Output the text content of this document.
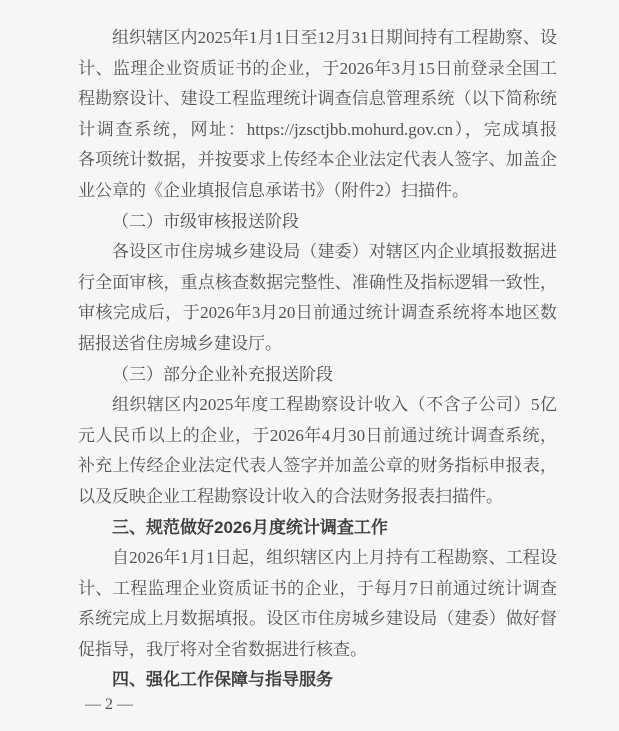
组织辖区内2025年1月1日至12月31日期间持有工程勘察、设
计、监理企业资质证书的企业，于2026年3月15日前登录全国工
程勘察设计、建设工程监理统计调查信息管理系统（以下简称统
计调查系统，网址：https://jzsctjbb.mohurd.gov.cn），完成填报
各项统计数据，并按要求上传经本企业法定代表人签字、加盖企
业公章的《企业填报信息承诺书》（附件2）扫描件。
（二）市级审核报送阶段
各设区市住房城乡建设局（建委）对辖区内企业填报数据进
行全面审核，重点核查数据完整性、准确性及指标逻辑一致性，
审核完成后，于2026年3月20日前通过统计调查系统将本地区数
据报送省住房城乡建设厅。
（三）部分企业补充报送阶段
组织辖区内2025年度工程勘察设计收入（不含子公司）5亿
元人民币以上的企业，于2026年4月30日前通过统计调查系统，
补充上传经企业法定代表人签字并加盖公章的财务指标申报表，
以及反映企业工程勘察设计收入的合法财务报表扫描件。
三、规范做好2026月度统计调查工作
自2026年1月1日起，组织辖区内上月持有工程勘察、工程设
计、工程监理企业资质证书的企业，于每月7日前通过统计调查
系统完成上月数据填报。设区市住房城乡建设局（建委）做好督
促指导，我厅将对全省数据进行核查。
四、强化工作保障与指导服务
— 2 —
